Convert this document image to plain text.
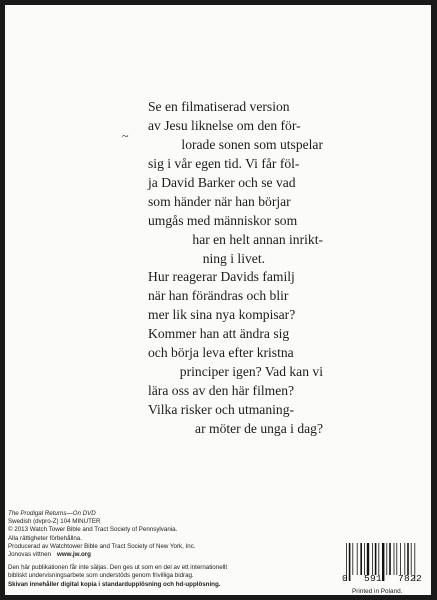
~
Se en filmatiserad version
av Jesu liknelse om den för-
lorade sonen som utspelar
sig i vår egen tid. Vi får föl-
ja David Barker och se vad
som händer när han börjar
umgås med människor som
har en helt annan inrikt-
ning i livet.
Hur reagerar Davids familj
när han förändras och blir
mer lik sina nya kompisar?
Kommer han att ändra sig
och börja leva efter kristna
principer igen? Vad kan vi
lära oss av den här filmen?
Vilka risker och utmaning-
ar möter de unga i dag?
The Prodigal Returns—On DVD
Swedish (dvpro-Z) 104 MINUTER
© 2013 Watch Tower Bible and Tract Society of Pennsylvania.
Alla rättigheter förbehållna.
Producerad av Watchtower Bible and Tract Society of New York, Inc.
Jonovas vittnen www.jw.org
Den här publikationen får inte säljas. Den ges ut som en del av ett internationellt
bibliskt undervisningsarbete som understöds genom frivilliga bidrag.
Skivan innehåller digital kopia i standardupplösning och hd-upplösning.
0 591 7822
Printed in Poland.
